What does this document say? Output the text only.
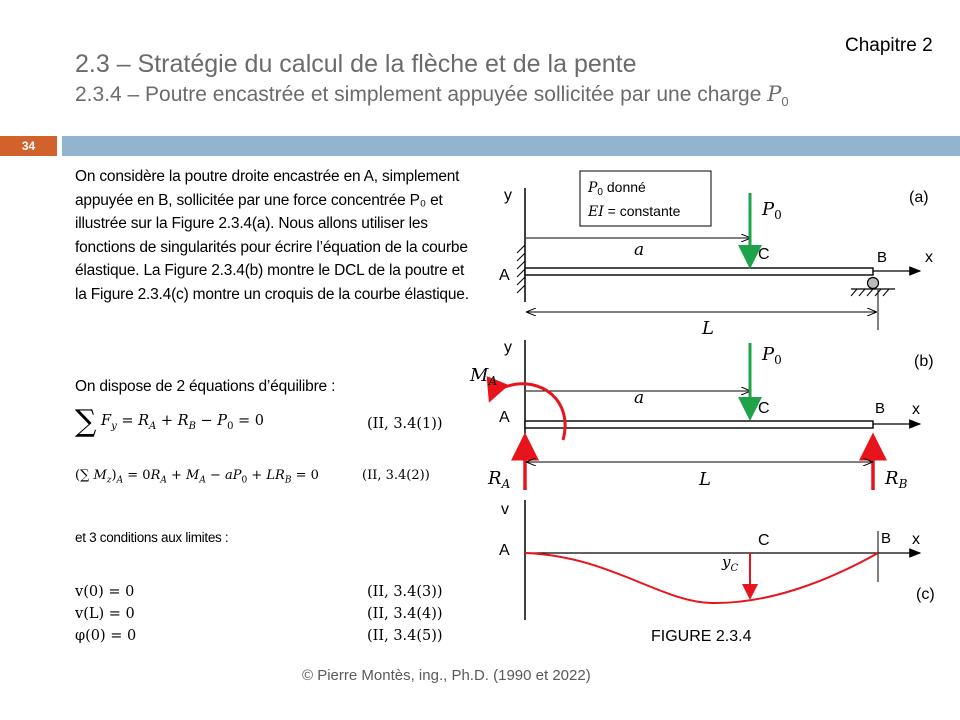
Chapitre 2
2.3 – Stratégie du calcul de la flèche et de la pente
2.3.4 – Poutre encastrée et simplement appuyée sollicitée par une charge $P_0$
34
On considère la poutre droite encastrée en A, simplement appuyée en B, sollicitée par une force concentrée P₀ et illustrée sur la Figure 2.3.4(a). Nous allons utiliser les fonctions de singularités pour écrire l’équation de la courbe élastique. La Figure 2.3.4(b) montre le DCL de la poutre et la Figure 2.3.4(c) montre un croquis de la courbe élastique.
On dispose de 2 équations d’équilibre :
∑ $F_y = R_A + R_B - P_0 = 0$	(II, 3.4(1))
(∑ $M_z)_A = 0R_A + M_A - aP_0 + LR_B = 0$	(II, 3.4(2))
et 3 conditions aux limites :
v(0) = 0	(II, 3.4(3))
v(L) = 0	(II, 3.4(4))
φ(0) = 0	(II, 3.4(5))
y
x
A
B
a	C
$P_0$
L
(a)
$P_0$ donné
EI = constante
y
x
A
B
a
C
$P_0$
$M_A$
$R_A$	$R_B$
L
(b)
v
x
A
B
C
$y_C$
(c)
FIGURE 2.3.4
© Pierre Montès, ing., Ph.D. (1990 et 2022)
